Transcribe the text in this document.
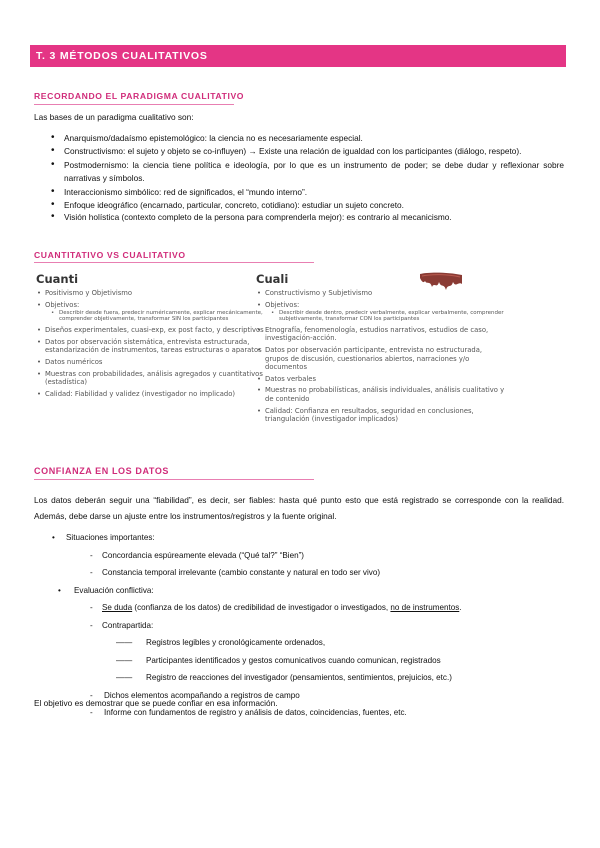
T. 3 MÉTODOS CUALITATIVOS
RECORDANDO EL PARADIGMA CUALITATIVO
Las bases de un paradigma cualitativo son:
• Anarquismo/dadaísmo epistemológico: la ciencia no es necesariamente especial.
• Constructivismo: el sujeto y objeto se co-influyen) → Existe una relación de igualdad con los participantes (diálogo, respeto).
• Postmodernismo: la ciencia tiene política e ideología, por lo que es un instrumento de poder; se debe dudar y reflexionar sobre narrativas y símbolos.
• Interaccionismo simbólico: red de significados, el “mundo interno”.
• Enfoque ideográfico (encarnado, particular, concreto, cotidiano): estudiar un sujeto concreto.
• Visión holística (contexto completo de la persona para comprenderla mejor): es contrario al mecanicismo.
CUANTITATIVO VS CUALITATIVO
Cuanti
• Positivismo y Objetivismo
• Objetivos:
• Describir desde fuera, predecir numéricamente, explicar mecánicamente, comprender objetivamente, transformar SIN los participantes
• Diseños experimentales, cuasi-exp, ex post facto, y descriptivos
• Datos por observación sistemática, entrevista estructurada, estandarización de instrumentos, tareas estructuras o aparatos
• Datos numéricos
• Muestras con probabilidades, análisis agregados y cuantitativos (estadística)
• Calidad: Fiabilidad y validez (investigador no implicado)
Cuali
• Constructivismo y Subjetivismo
• Objetivos:
• Describir desde dentro, predecir verbalmente, explicar verbalmente, comprender subjetivamente, transformar CON los participantes
• Etnografía, fenomenología, estudios narrativos, estudios de caso, investigación-acción.
• Datos por observación participante, entrevista no estructurada, grupos de discusión, cuestionarios abiertos, narraciones y/o documentos
• Datos verbales
• Muestras no probabilísticas, análisis individuales, análisis cualitativo y de contenido
• Calidad: Confianza en resultados, seguridad en conclusiones, triangulación (investigador implicados)
CONFIANZA EN LOS DATOS
Los datos deberán seguir una “fiabilidad”, es decir, ser fiables: hasta qué punto esto que está registrado se corresponde con la realidad. Además, debe darse un ajuste entre los instrumentos/registros y la fuente original.
• Situaciones importantes:
- Concordancia espúreamente elevada (“Qué tal?” “Bien”)
- Constancia temporal irrelevante (cambio constante y natural en todo ser vivo)
• Evaluación conflictiva:
- Se duda (confianza de los datos) de credibilidad de investigador o investigados, no de instrumentos.
- Contrapartida:
—— Registros legibles y cronológicamente ordenados,
—— Participantes identificados y gestos comunicativos cuando comunican, registrados
—— Registro de reacciones del investigador (pensamientos, sentimientos, prejuicios, etc.)
- Dichos elementos acompañando a registros de campo
- Informe con fundamentos de registro y análisis de datos, coincidencias, fuentes, etc.
El objetivo es demostrar que se puede confiar en esa información.
